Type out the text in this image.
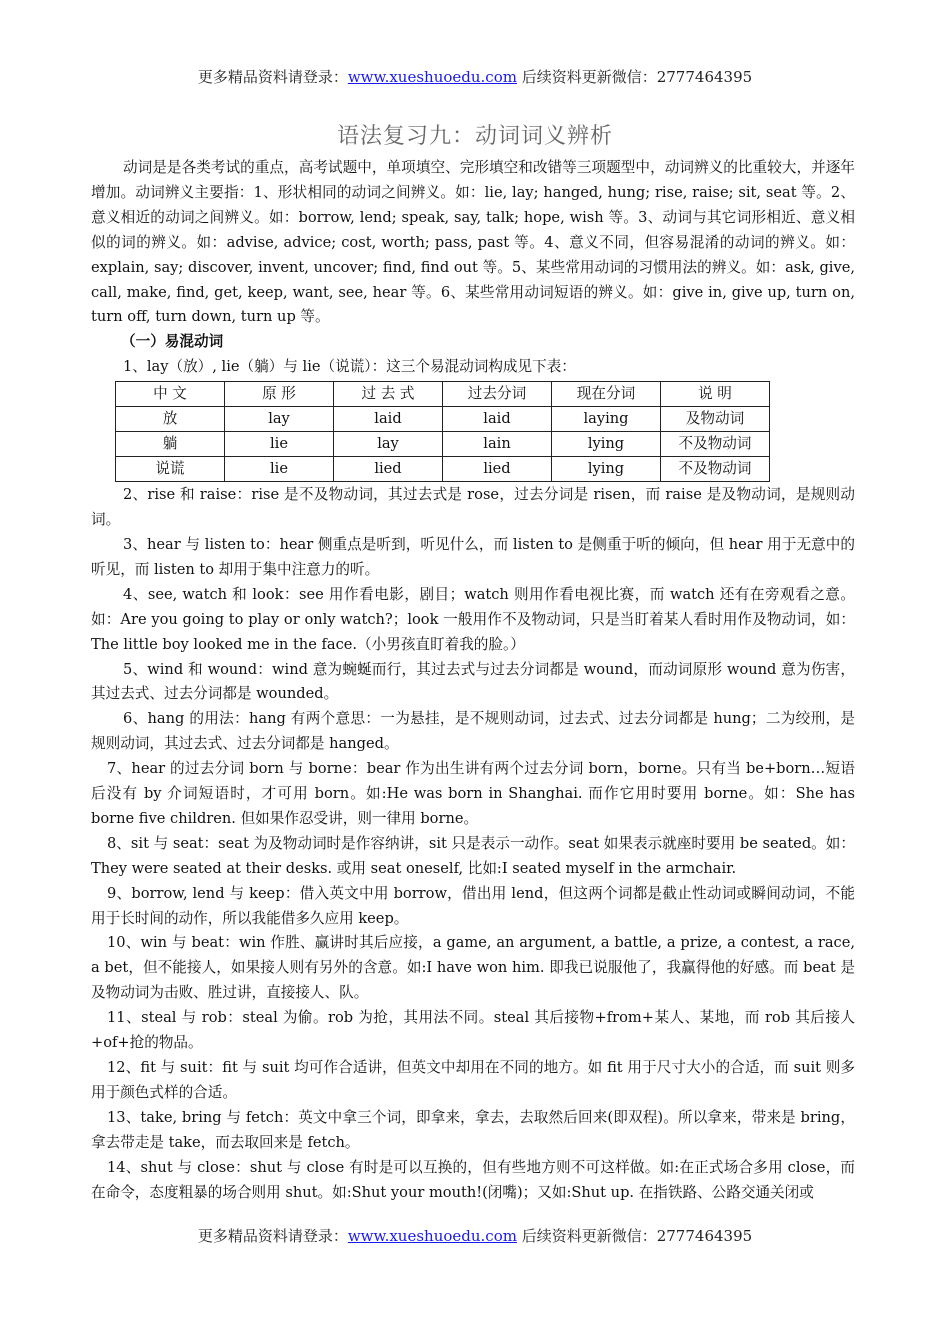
更多精品资料请登录：www.xueshuoedu.com 后续资料更新微信：2777464395
语法复习九：动词词义辨析

动词是是各类考试的重点，高考试题中，单项填空、完形填空和改错等三项题型中，动词辨义的比重较大，并逐年增加。动词辨义主要指：1、形状相同的动词之间辨义。如：lie, lay; hanged, hung; rise, raise; sit, seat 等。2、意义相近的动词之间辨义。如：borrow, lend; speak, say, talk; hope, wish 等。3、动词与其它词形相近、意义相似的词的辨义。如：advise, advice; cost, worth; pass, past 等。4、意义不同，但容易混淆的动词的辨义。如：explain, say; discover, invent, uncover; find, find out 等。5、某些常用动词的习惯用法的辨义。如：ask, give, call, make, find, get, keep, want, see, hear 等。6、某些常用动词短语的辨义。如：give in, give up, turn on, turn off, turn down, turn up 等。

（一）易混动词

1、lay（放）, lie（躺）与 lie（说谎）：这三个易混动词构成见下表：

中 文	原 形	过 去 式	过去分词	现在分词	说 明
放	lay	laid	laid	laying	及物动词
躺	lie	lay	lain	lying	不及物动词
说谎	lie	lied	lied	lying	不及物动词

2、rise 和 raise：rise 是不及物动词，其过去式是 rose，过去分词是 risen，而 raise 是及物动词，是规则动词。

3、hear 与 listen to：hear 侧重点是听到，听见什么，而 listen to 是侧重于听的倾向，但 hear 用于无意中的听见，而 listen to 却用于集中注意力的听。

4、see, watch 和 look：see 用作看电影，剧目；watch 则用作看电视比赛，而 watch 还有在旁观看之意。如：Are you going to play or only watch?；look 一般用作不及物动词，只是当盯着某人看时用作及物动词，如：The little boy looked me in the face.（小男孩直盯着我的脸。）

5、wind 和 wound：wind 意为蜿蜒而行，其过去式与过去分词都是 wound，而动词原形 wound 意为伤害，其过去式、过去分词都是 wounded。

6、hang 的用法：hang 有两个意思：一为悬挂，是不规则动词，过去式、过去分词都是 hung；二为绞刑，是规则动词，其过去式、过去分词都是 hanged。

7、hear 的过去分词 born 与 borne：bear 作为出生讲有两个过去分词 born，borne。只有当 be+born…短语后没有 by 介词短语时，才可用 born。如:He was born in Shanghai. 而作它用时要用 borne。如：She has borne five children. 但如果作忍受讲，则一律用 borne。

8、sit 与 seat：seat 为及物动词时是作容纳讲，sit 只是表示一动作。seat 如果表示就座时要用 be seated。如：They were seated at their desks. 或用 seat oneself, 比如:I seated myself in the armchair.

9、borrow, lend 与 keep：借入英文中用 borrow，借出用 lend，但这两个词都是截止性动词或瞬间动词，不能用于长时间的动作，所以我能借多久应用 keep。

10、win 与 beat：win 作胜、赢讲时其后应接，a game, an argument, a battle, a prize, a contest, a race, a bet，但不能接人，如果接人则有另外的含意。如:I have won him. 即我已说服他了，我赢得他的好感。而 beat 是及物动词为击败、胜过讲，直接接人、队。

11、steal 与 rob：steal 为偷。rob 为抢，其用法不同。steal 其后接物+from+某人、某地，而 rob 其后接人+of+抢的物品。

12、fit 与 suit：fit 与 suit 均可作合适讲，但英文中却用在不同的地方。如 fit 用于尺寸大小的合适，而 suit 则多用于颜色式样的合适。

13、take, bring 与 fetch：英文中拿三个词，即拿来，拿去，去取然后回来(即双程)。所以拿来，带来是 bring，拿去带走是 take，而去取回来是 fetch。

14、shut 与 close：shut 与 close 有时是可以互换的，但有些地方则不可这样做。如:在正式场合多用 close，而在命令，态度粗暴的场合则用 shut。如:Shut your mouth!(闭嘴)；又如:Shut up. 在指铁路、公路交通关闭或

更多精品资料请登录：www.xueshuoedu.com 后续资料更新微信：2777464395
